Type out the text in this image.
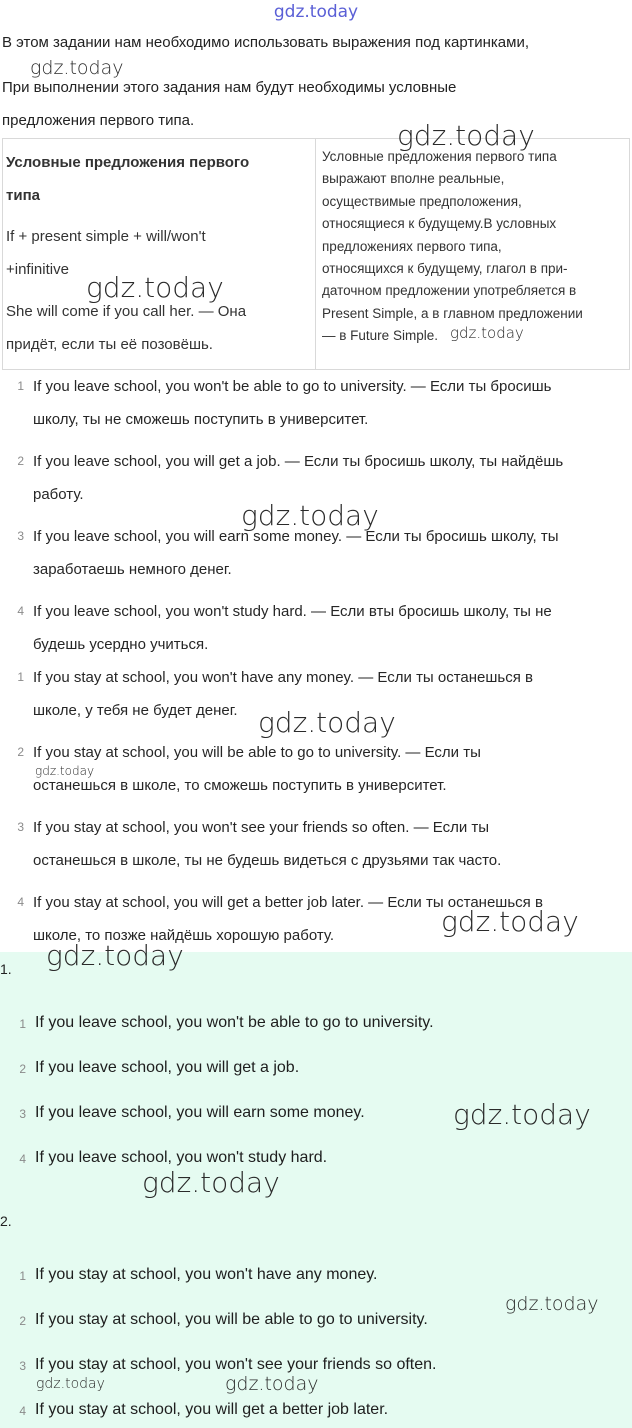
gdz.today
В этом задании нам необходимо использовать выражения под картинками,
При выполнении этого задания нам будут необходимы условные
предложения первого типа.
Условные предложения первого
типа
If + present simple + will/won't
+infinitive
She will come if you call her. — Она
придёт, если ты её позовёшь.
Условные предложения первого типа
выражают вполне реальные,
осуществимые предположения,
относящиеся к будущему.В условных
предложениях первого типа,
относящихся к будущему, глагол в при-
даточном предложении употребляется в
Present Simple, а в главном предложении
— в Future Simple.
1 If you leave school, you won't be able to go to university. — Если ты бросишь
школу, ты не сможешь поступить в университет.
2 If you leave school, you will get a job. — Если ты бросишь школу, ты найдёшь
работу.
3 If you leave school, you will earn some money. — Если ты бросишь школу, ты
заработаешь немного денег.
4 If you leave school, you won't study hard. — Если вты бросишь школу, ты не
будешь усердно учиться.
1 If you stay at school, you won't have any money. — Если ты останешься в
школе, у тебя не будет денег.
2 If you stay at school, you will be able to go to university. — Если ты
останешься в школе, то сможешь поступить в университет.
3 If you stay at school, you won't see your friends so often. — Если ты
останешься в школе, ты не будешь видеться с друзьями так часто.
4 If you stay at school, you will get a better job later. — Если ты останешься в
школе, то позже найдёшь хорошую работу.
1.
1 If you leave school, you won't be able to go to university.
2 If you leave school, you will get a job.
3 If you leave school, you will earn some money.
4 If you leave school, you won't study hard.
2.
1 If you stay at school, you won't have any money.
2 If you stay at school, you will be able to go to university.
3 If you stay at school, you won't see your friends so often.
4 If you stay at school, you will get a better job later.
gdz.today
gdz.today
gdz.today
gdz.today
gdz.today
gdz.today
gdz.today
gdz.today
gdz.today
gdz.today
gdz.today
gdz.today
gdz.today	gdz.today
